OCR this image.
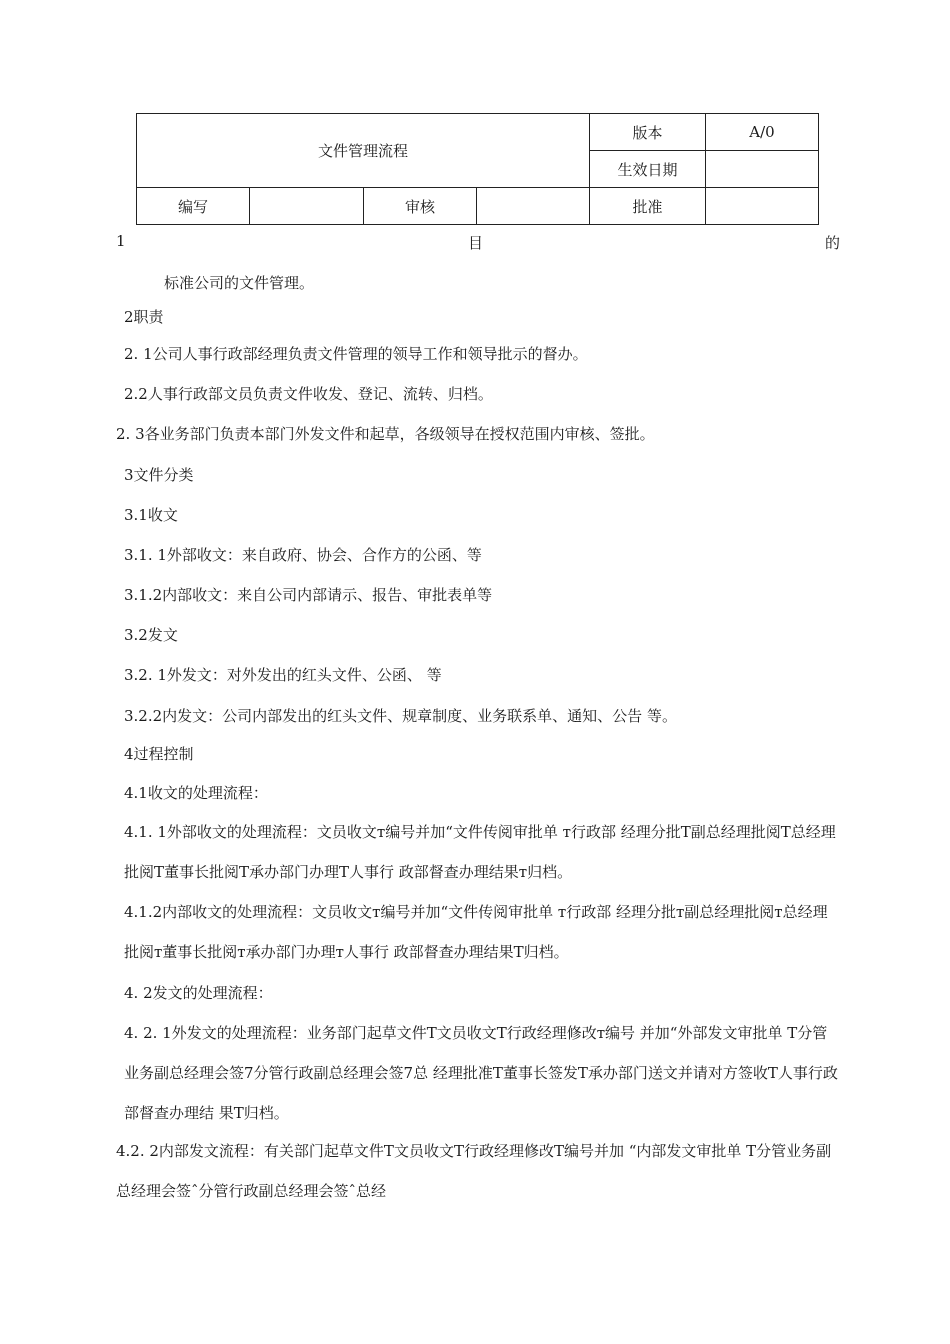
文件管理流程				版本	A/0
				生效日期	
编写		审核		批准	
1	目	的
标准公司的文件管理。
2职责
2. 1公司人事行政部经理负责文件管理的领导工作和领导批示的督办。
2.2人事行政部文员负责文件收发、登记、流转、归档。
2. 3各业务部门负责本部门外发文件和起草，各级领导在授权范围内审核、签批。
3文件分类
3.1收文
3.1. 1外部收文：来自政府、协会、合作方的公函、等
3.1.2内部收文：来自公司内部请示、报告、审批表单等
3.2发文
3.2. 1外发文：对外发出的红头文件、公函、 等
3.2.2内发文：公司内部发出的红头文件、规章制度、业务联系单、通知、公告 等。
4过程控制
4.1收文的处理流程：
4.1. 1外部收文的处理流程：文员收文ᴛ编号并加“文件传阅审批单 ᴛ行政部 经理分批T副总经理批阅T总经理批阅T董事长批阅T承办部门办理T人事行 政部督查办理结果ᴛ归档。
4.1.2内部收文的处理流程：文员收文ᴛ编号并加“文件传阅审批单 ᴛ行政部 经理分批ᴛ副总经理批阅ᴛ总经理批阅ᴛ董事长批阅ᴛ承办部门办理ᴛ人事行 政部督查办理结果T归档。
4. 2发文的处理流程：
4. 2. 1外发文的处理流程：业务部门起草文件T文员收文T行政经理修改ᴛ编号 并加“外部发文审批单 T分管业务副总经理会签7分管行政副总经理会签7总 经理批准T董事长签发T承办部门送文并请对方签收T人事行政部督查办理结 果T归档。
4.2. 2内部发文流程：有关部门起草文件T文员收文T行政经理修改T编号并加 “内部发文审批单 T分管业务副总经理会签ˆ分管行政副总经理会签ˆ总经
